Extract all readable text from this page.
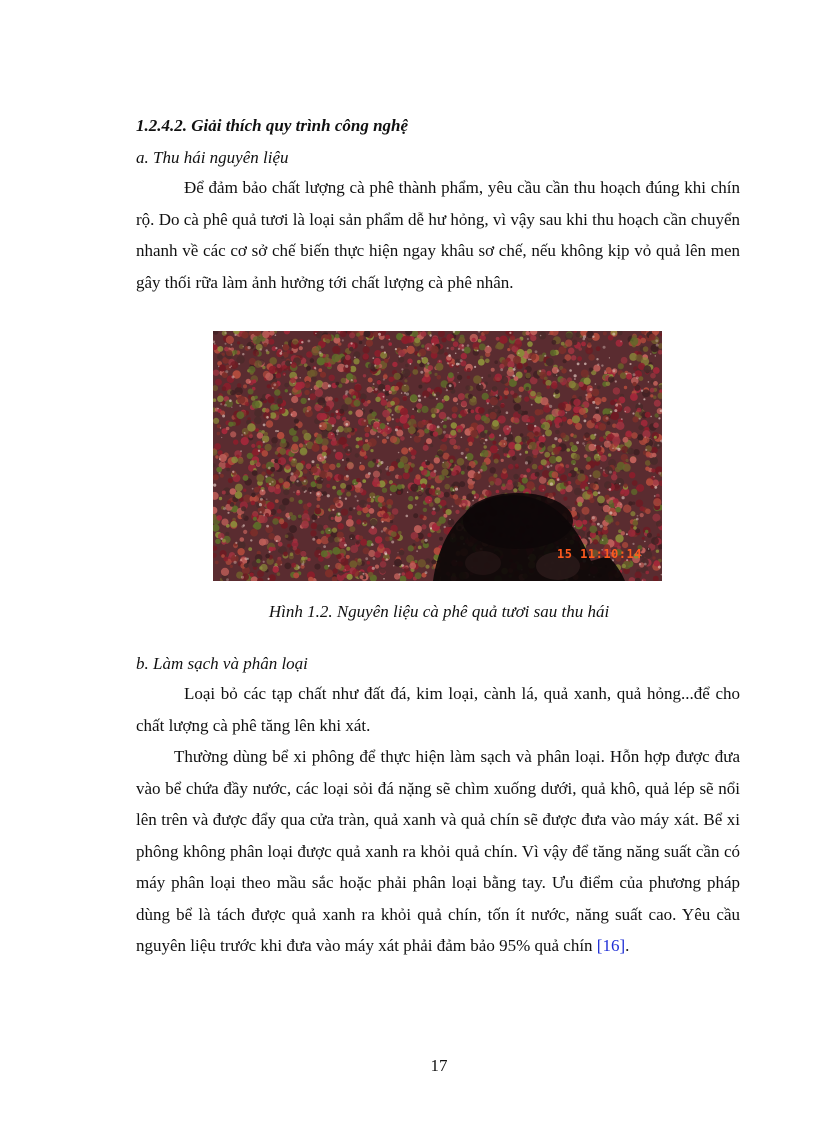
1.2.4.2. Giải thích quy trình công nghệ

a. Thu hái nguyên liệu

Để đảm bảo chất lượng cà phê thành phẩm, yêu cầu cần thu hoạch đúng khi chín rộ. Do cà phê quả tươi là loại sản phẩm dễ hư hỏng, vì vậy sau khi thu hoạch cần chuyển nhanh về các cơ sở chế biến thực hiện ngay khâu sơ chế, nếu không kịp vỏ quả lên men gây thối rữa làm ảnh hưởng tới chất lượng cà phê nhân.

15 11:10:14

Hình 1.2. Nguyên liệu cà phê quả tươi sau thu hái

b. Làm sạch và phân loại

Loại bỏ các tạp chất như đất đá, kim loại, cành lá, quả xanh, quả hỏng...để cho chất lượng cà phê tăng lên khi xát.

Thường dùng bể xi phông để thực hiện làm sạch và phân loại. Hỗn hợp được đưa vào bể chứa đầy nước, các loại sỏi đá nặng sẽ chìm xuống dưới, quả khô, quả lép sẽ nổi lên trên và được đẩy qua cửa tràn, quả xanh và quả chín sẽ được đưa vào máy xát. Bể xi phông không phân loại được quả xanh ra khỏi quả chín. Vì vậy để tăng năng suất cần có máy phân loại theo mầu sắc hoặc phải phân loại bằng tay. Ưu điểm của phương pháp dùng bể là tách được quả xanh ra khỏi quả chín, tốn ít nước, năng suất cao. Yêu cầu nguyên liệu trước khi đưa vào máy xát phải đảm bảo 95% quả chín [16].

17
